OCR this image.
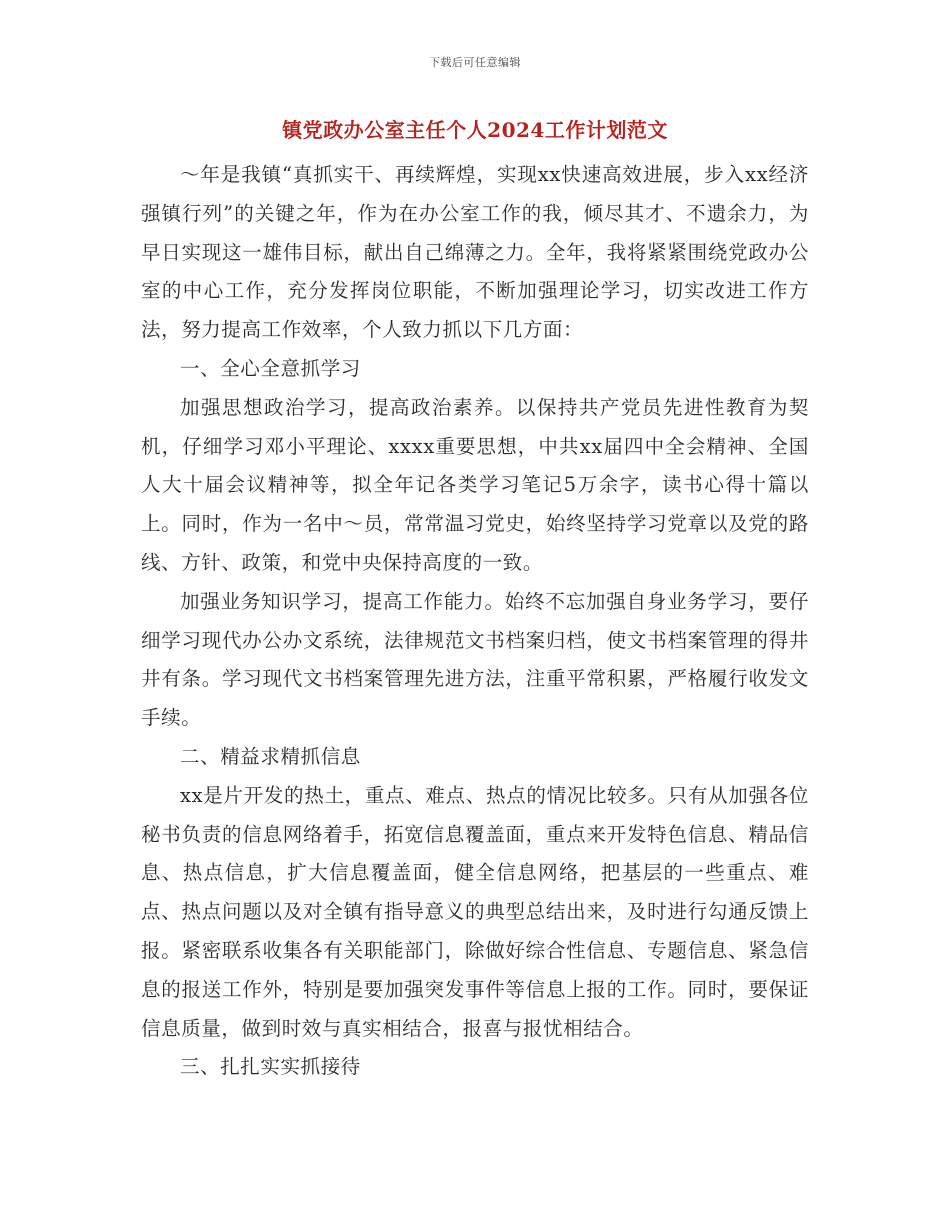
下载后可任意编辑
镇党政办公室主任个人2024工作计划范文

～年是我镇“真抓实干、再续辉煌，实现xx快速高效进展，步入xx经济强镇行列”的关键之年，作为在办公室工作的我，倾尽其才、不遗余力，为早日实现这一雄伟目标，献出自己绵薄之力。全年，我将紧紧围绕党政办公室的中心工作，充分发挥岗位职能，不断加强理论学习，切实改进工作方法，努力提高工作效率，个人致力抓以下几方面：

一、全心全意抓学习

加强思想政治学习，提高政治素养。以保持共产党员先进性教育为契机，仔细学习邓小平理论、xxxx重要思想，中共xx届四中全会精神、全国人大十届会议精神等，拟全年记各类学习笔记5万余字，读书心得十篇以上。同时，作为一名中～员，常常温习党史，始终坚持学习党章以及党的路线、方针、政策，和党中央保持高度的一致。

加强业务知识学习，提高工作能力。始终不忘加强自身业务学习，要仔细学习现代办公办文系统，法律规范文书档案归档，使文书档案管理的得井井有条。学习现代文书档案管理先进方法，注重平常积累，严格履行收发文手续。

二、精益求精抓信息

xx是片开发的热土，重点、难点、热点的情况比较多。只有从加强各位秘书负责的信息网络着手，拓宽信息覆盖面，重点来开发特色信息、精品信息、热点信息，扩大信息覆盖面，健全信息网络，把基层的一些重点、难点、热点问题以及对全镇有指导意义的典型总结出来，及时进行勾通反馈上报。紧密联系收集各有关职能部门，除做好综合性信息、专题信息、紧急信息的报送工作外，特别是要加强突发事件等信息上报的工作。同时，要保证信息质量，做到时效与真实相结合，报喜与报忧相结合。

三、扎扎实实抓接待
